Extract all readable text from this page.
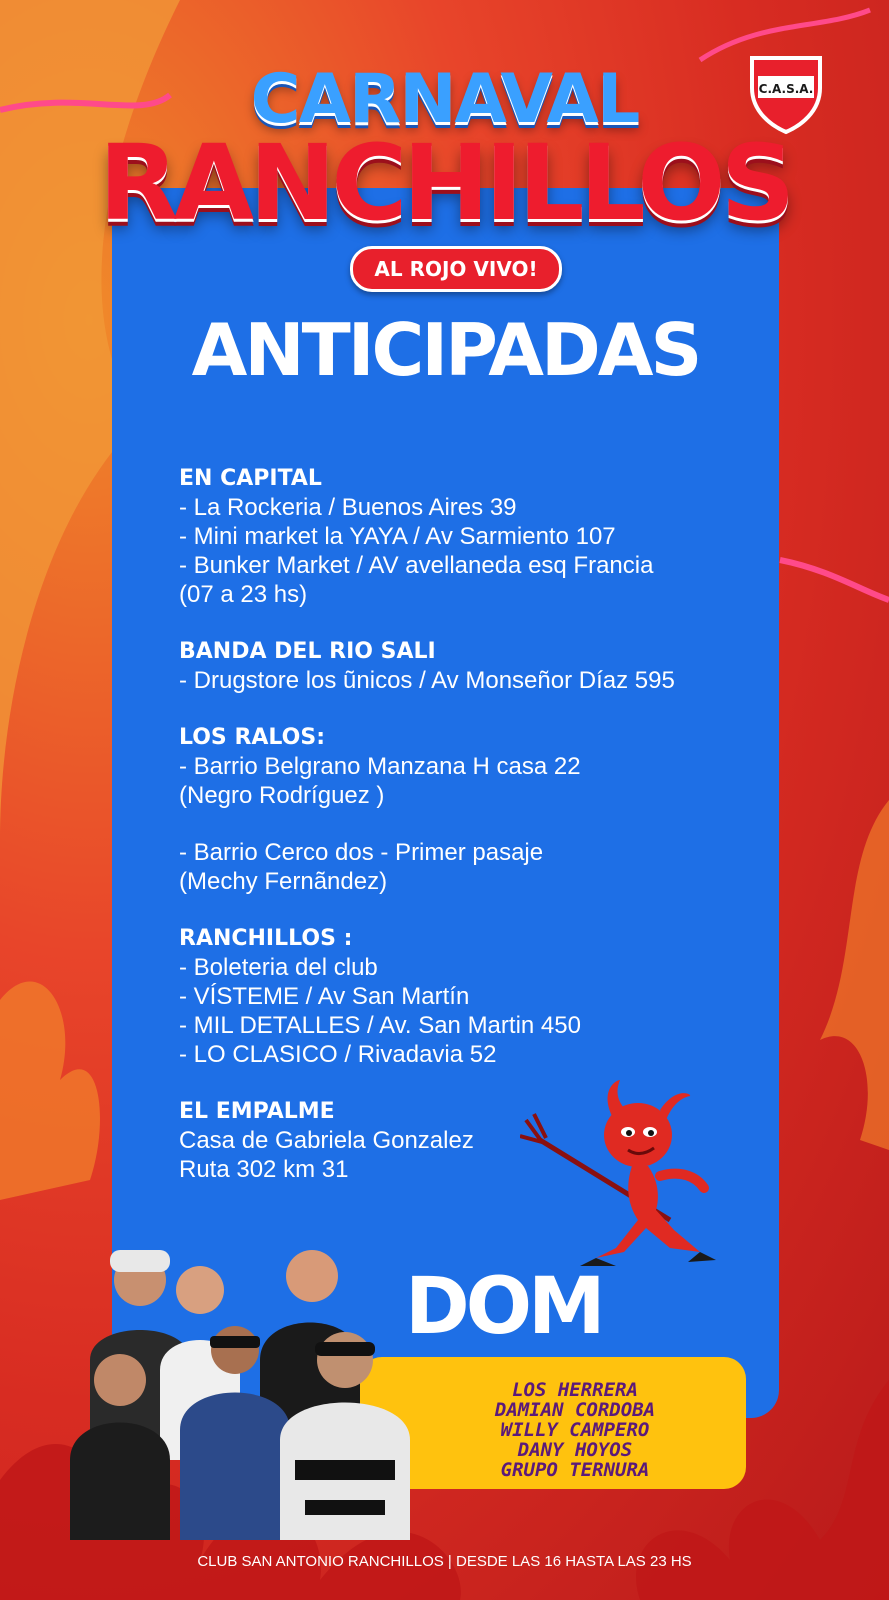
CARNAVAL
RANCHILLOS
AL ROJO VIVO!
C.A.S.A.
ANTICIPADAS
EN CAPITAL
- La Rockeria / Buenos Aires 39
- Mini market la YAYA / Av Sarmiento 107
- Bunker Market / AV avellaneda esq Francia
(07 a 23 hs)
BANDA DEL RIO SALI
- Drugstore los ũnicos / Av Monseñor Díaz 595
LOS RALOS:
- Barrio Belgrano Manzana H casa 22
(Negro Rodríguez )
- Barrio Cerco dos - Primer pasaje
(Mechy Fernãndez)
RANCHILLOS :
- Boleteria del club
- VÍSTEME / Av San Martín
- MIL DETALLES / Av. San Martin 450
- LO CLASICO / Rivadavia 52
EL EMPALME
Casa de Gabriela Gonzalez
Ruta 302 km 31
DOM
LOS HERRERA
DAMIAN CORDOBA
WILLY CAMPERO
DANY HOYOS
GRUPO TERNURA
CLUB SAN ANTONIO RANCHILLOS | DESDE LAS 16 HASTA LAS 23 HS
